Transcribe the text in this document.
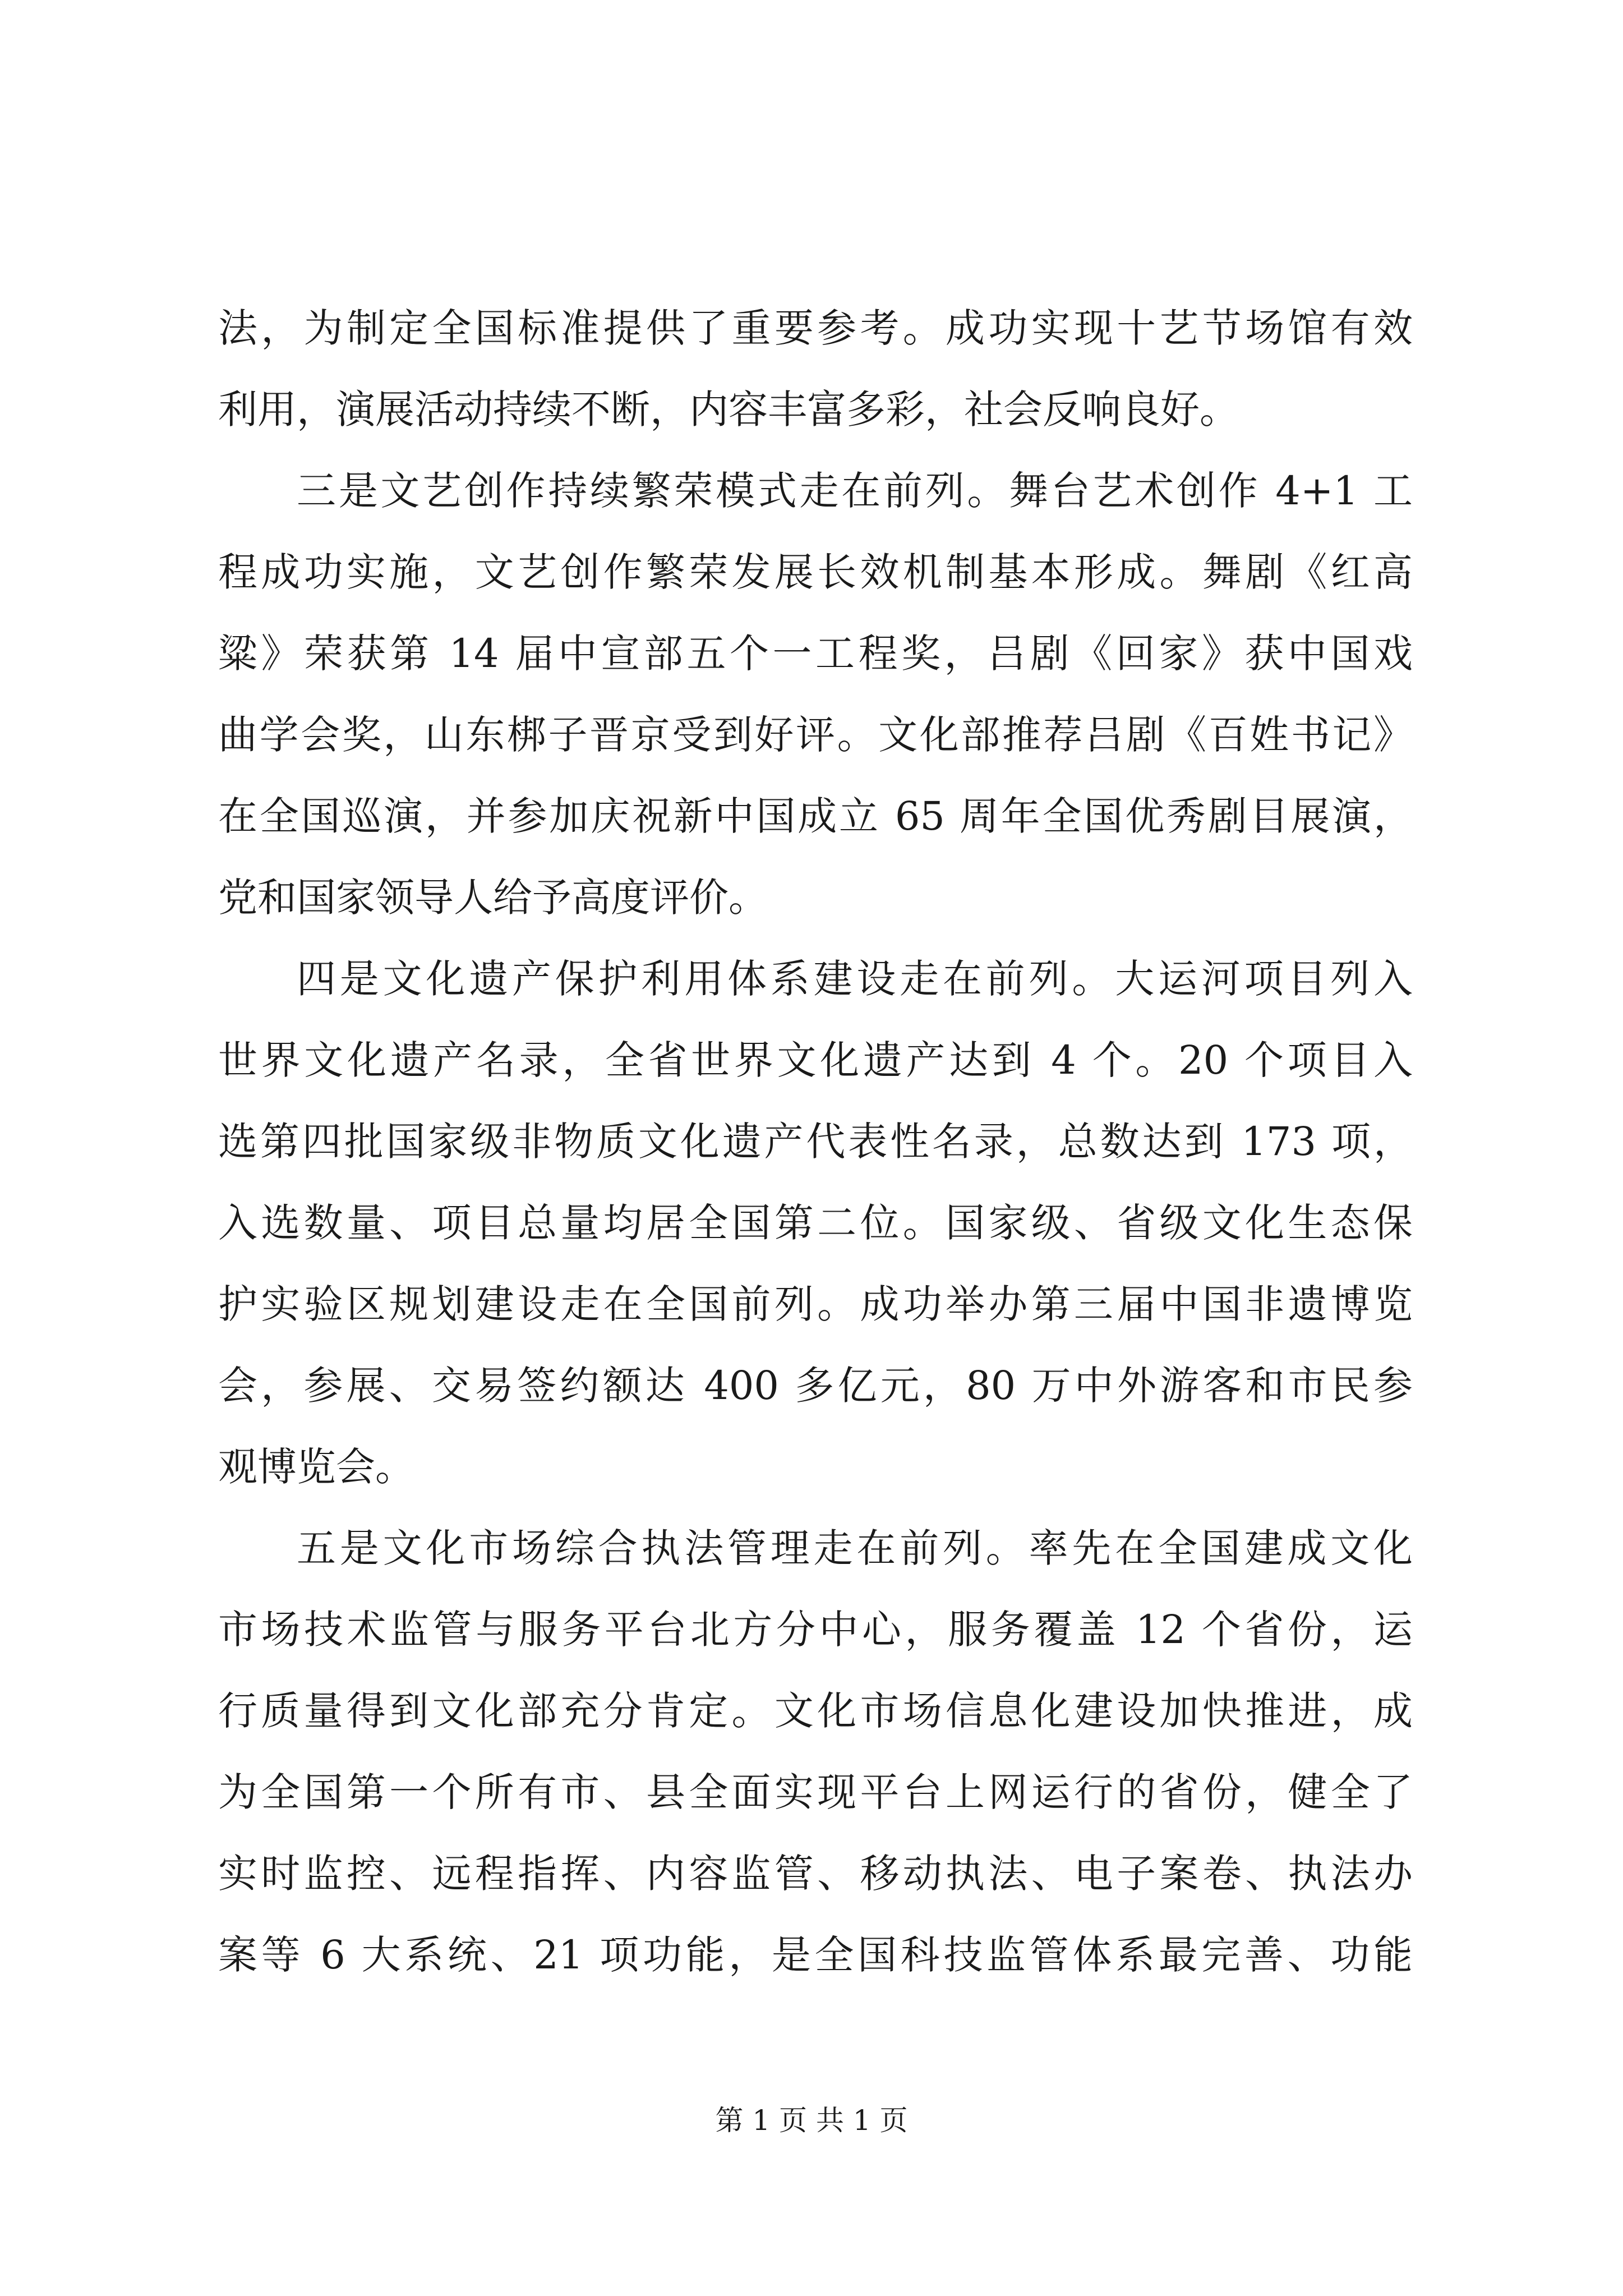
法，为制定全国标准提供了重要参考。成功实现十艺节场馆有效
利用，演展活动持续不断，内容丰富多彩，社会反响良好。
三是文艺创作持续繁荣模式走在前列。舞台艺术创作 4+1 工
程成功实施，文艺创作繁荣发展长效机制基本形成。舞剧《红高
粱》荣获第 14 届中宣部五个一工程奖，吕剧《回家》获中国戏
曲学会奖，山东梆子晋京受到好评。文化部推荐吕剧《百姓书记》
在全国巡演，并参加庆祝新中国成立 65 周年全国优秀剧目展演，
党和国家领导人给予高度评价。
四是文化遗产保护利用体系建设走在前列。大运河项目列入
世界文化遗产名录，全省世界文化遗产达到 4 个。20 个项目入
选第四批国家级非物质文化遗产代表性名录，总数达到 173 项，
入选数量、项目总量均居全国第二位。国家级、省级文化生态保
护实验区规划建设走在全国前列。成功举办第三届中国非遗博览
会，参展、交易签约额达 400 多亿元，80 万中外游客和市民参
观博览会。
五是文化市场综合执法管理走在前列。率先在全国建成文化
市场技术监管与服务平台北方分中心，服务覆盖 12 个省份，运
行质量得到文化部充分肯定。文化市场信息化建设加快推进，成
为全国第一个所有市、县全面实现平台上网运行的省份，健全了
实时监控、远程指挥、内容监管、移动执法、电子案卷、执法办
案等 6 大系统、21 项功能，是全国科技监管体系最完善、功能
第 1 页 共 1 页
